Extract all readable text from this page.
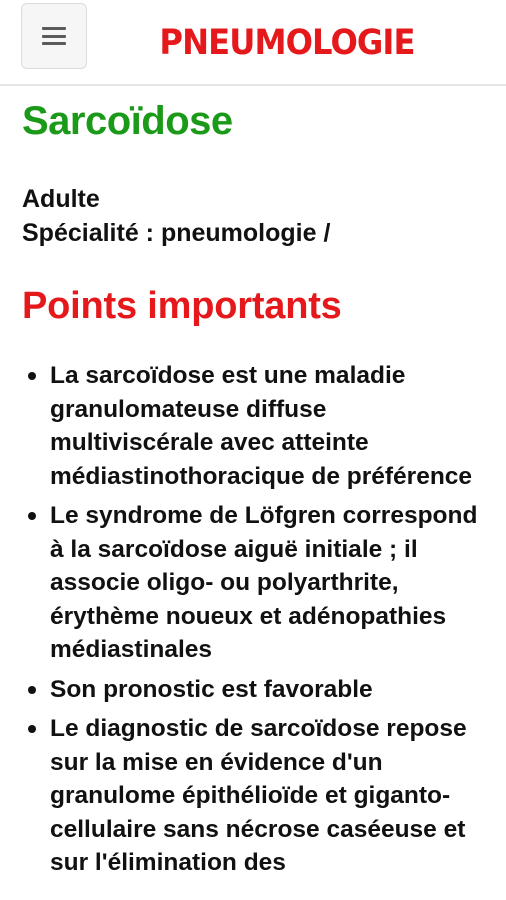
PNEUMOLOGIE
Sarcoïdose
Adulte
Spécialité : pneumologie /
Points importants
La sarcoïdose est une maladie granulomateuse diffuse multiviscérale avec atteinte médiastinothoracique de préférence
Le syndrome de Löfgren correspond à la sarcoïdose aiguë initiale ; il associe oligo- ou polyarthrite, érythème noueux et adénopathies médiastinales
Son pronostic est favorable
Le diagnostic de sarcoïdose repose sur la mise en évidence d'un granulome épithélioïde et giganto-cellulaire sans nécrose caséeuse et sur l'élimination des
